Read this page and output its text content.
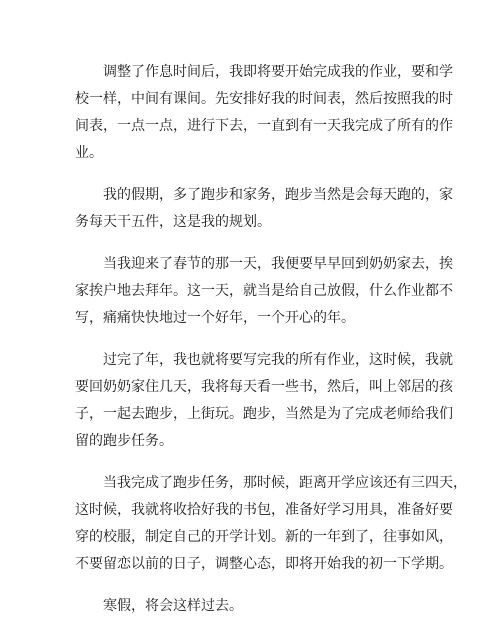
调整了作息时间后，我即将要开始完成我的作业，要和学
校一样，中间有课间。先安排好我的时间表，然后按照我的时
间表，一点一点，进行下去，一直到有一天我完成了所有的作
业。

我的假期，多了跑步和家务，跑步当然是会每天跑的，家
务每天干五件，这是我的规划。

当我迎来了春节的那一天，我便要早早回到奶奶家去，挨
家挨户地去拜年。这一天，就当是给自己放假，什么作业都不
写，痛痛快快地过一个好年，一个开心的年。

过完了年，我也就将要写完我的所有作业，这时候，我就
要回奶奶家住几天，我将每天看一些书，然后，叫上邻居的孩
子，一起去跑步，上街玩。跑步，当然是为了完成老师给我们
留的跑步任务。

当我完成了跑步任务，那时候，距离开学应该还有三四天，
这时候，我就将收拾好我的书包，准备好学习用具，准备好要
穿的校服，制定自己的开学计划。新的一年到了，往事如风，
不要留恋以前的日子，调整心态，即将开始我的初一下学期。

寒假，将会这样过去。
